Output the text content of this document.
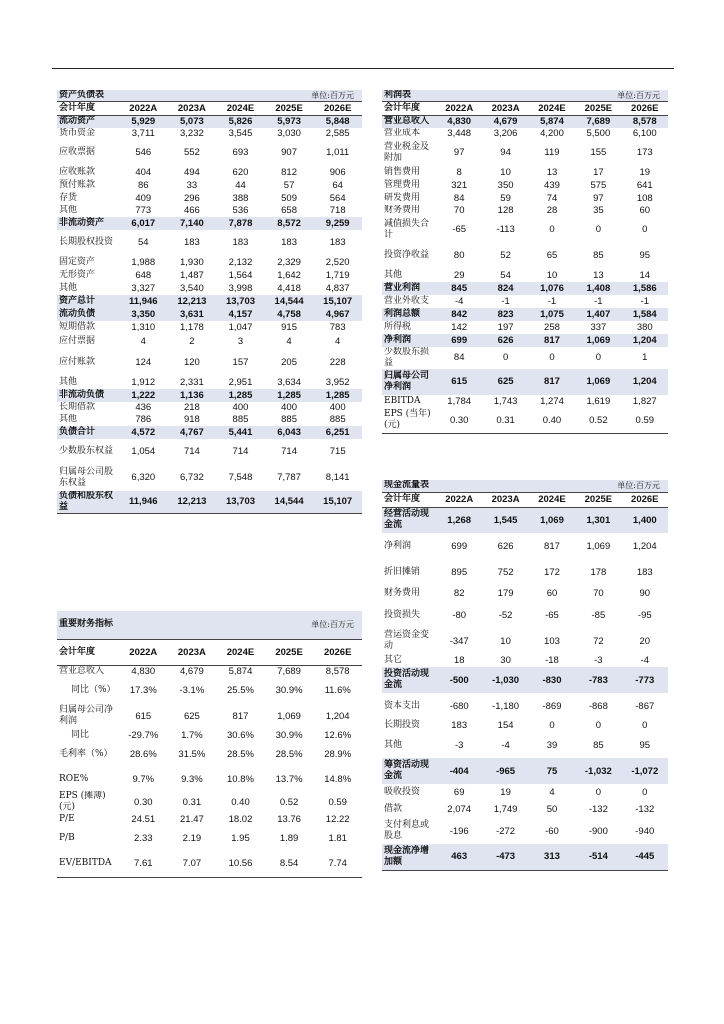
资产负债表			单位:百万元		
会计年度	2022A	2023A	2024E	2025E	2026E
流动资产	5,929	5,073	5,826	5,973	5,848
货币资金	3,711	3,232	3,545	3,030	2,585
应收票据	546	552	693	907	1,011
应收账款	404	494	620	812	906
预付账款	86	33	44	57	64
存货	409	296	388	509	564
其他	773	466	536	658	718
非流动资产	6,017	7,140	7,878	8,572	9,259
长期股权投资	54	183	183	183	183
固定资产	1,988	1,930	2,132	2,329	2,520
无形资产	648	1,487	1,564	1,642	1,719
其他	3,327	3,540	3,998	4,418	4,837
资产总计	11,946	12,213	13,703	14,544	15,107
流动负债	3,350	3,631	4,157	4,758	4,967
短期借款	1,310	1,178	1,047	915	783
应付票据	4	2	3	4	4
应付账款	124	120	157	205	228
其他	1,912	2,331	2,951	3,634	3,952
非流动负债	1,222	1,136	1,285	1,285	1,285
长期借款	436	218	400	400	400
其他	786	918	885	885	885
负债合计	4,572	4,767	5,441	6,043	6,251
少数股东权益	1,054	714	714	714	715
归属母公司股东权益	6,320	6,732	7,548	7,787	8,141
负债和股东权益	11,946	12,213	13,703	14,544	15,107
重要财务指标			单位:百万元		
会计年度	2022A	2023A	2024E	2025E	2026E
营业总收入	4,830	4,679	5,874	7,689	8,578
同比（%）	17.3%	-3.1%	25.5%	30.9%	11.6%
归属母公司净利润	615	625	817	1,069	1,204
同比	-29.7%	1.7%	30.6%	30.9%	12.6%
毛利率（%）	28.6%	31.5%	28.5%	28.5%	28.9%
ROE%	9.7%	9.3%	10.8%	13.7%	14.8%
EPS (摊薄)(元)	0.30	0.31	0.40	0.52	0.59
P/E	24.51	21.47	18.02	13.76	12.22
P/B	2.33	2.19	1.95	1.89	1.81
EV/EBITDA	7.61	7.07	10.56	8.54	7.74
利润表			单位:百万元		
会计年度	2022A	2023A	2024E	2025E	2026E
营业总收入	4,830	4,679	5,874	7,689	8,578
营业成本	3,448	3,206	4,200	5,500	6,100
营业税金及附加	97	94	119	155	173
销售费用	8	10	13	17	19
管理费用	321	350	439	575	641
研发费用	84	59	74	97	108
财务费用	70	128	28	35	60
减值损失合计	-65	-113	0	0	0
投资净收益	80	52	65	85	95
其他	29	54	10	13	14
营业利润	845	824	1,076	1,408	1,586
营业外收支	-4	-1	-1	-1	-1
利润总额	842	823	1,075	1,407	1,584
所得税	142	197	258	337	380
净利润	699	626	817	1,069	1,204
少数股东损益	84	0	0	0	1
归属母公司净利润	615	625	817	1,069	1,204
EBITDA	1,784	1,743	1,274	1,619	1,827
EPS (当年)(元)	0.30	0.31	0.40	0.52	0.59
现金流量表			单位:百万元		
会计年度	2022A	2023A	2024E	2025E	2026E
经营活动现金流	1,268	1,545	1,069	1,301	1,400
净利润	699	626	817	1,069	1,204
折旧摊销	895	752	172	178	183
财务费用	82	179	60	70	90
投资损失	-80	-52	-65	-85	-95
营运资金变动	-347	10	103	72	20
其它	18	30	-18	-3	-4
投资活动现金流	-500	-1,030	-830	-783	-773
资本支出	-680	-1,180	-869	-868	-867
长期投资	183	154	0	0	0
其他	-3	-4	39	85	95
筹资活动现金流	-404	-965	75	-1,032	-1,072
吸收投资	69	19	4	0	0
借款	2,074	1,749	50	-132	-132
支付利息或股息	-196	-272	-60	-900	-940
现金流净增加额	463	-473	313	-514	-445
